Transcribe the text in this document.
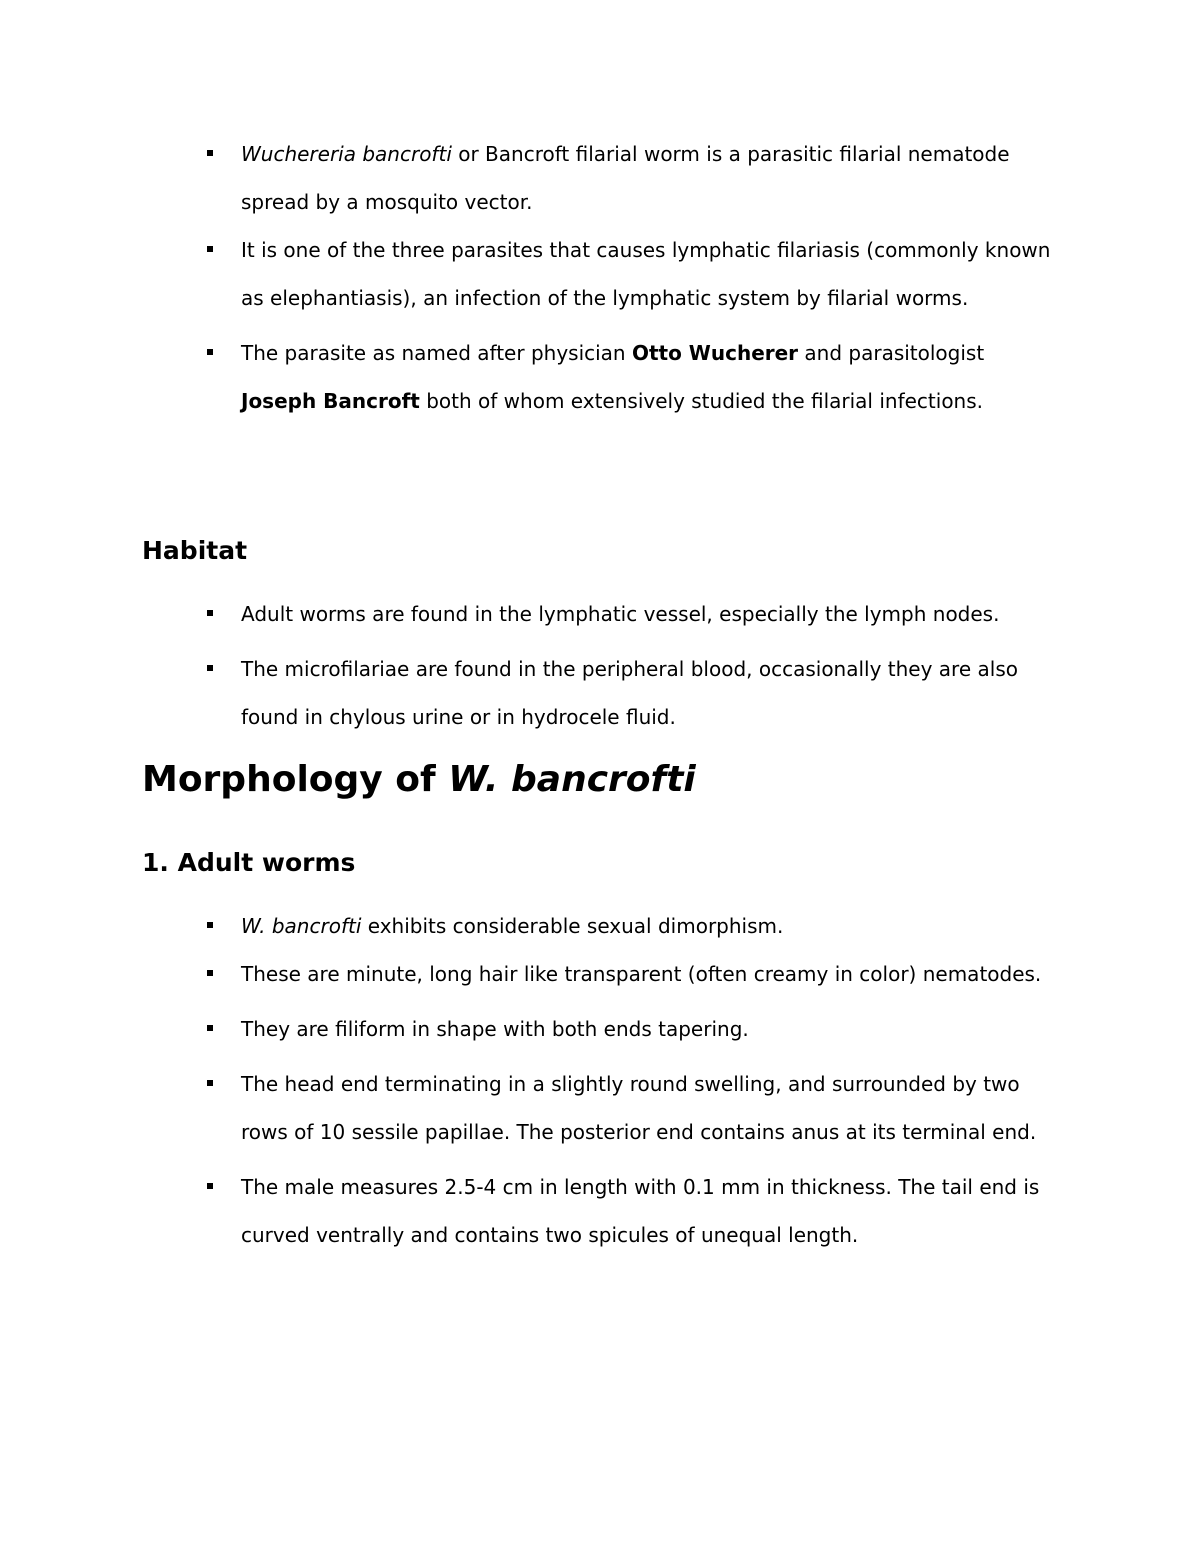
Wuchereria bancrofti or Bancroft filarial worm is a parasitic filarial nematode spread by a mosquito vector.
It is one of the three parasites that causes lymphatic filariasis (commonly known as elephantiasis), an infection of the lymphatic system by filarial worms.
The parasite as named after physician Otto Wucherer and parasitologist Joseph Bancroft both of whom extensively studied the filarial infections.
Habitat
Adult worms are found in the lymphatic vessel, especially the lymph nodes.
The microfilariae are found in the peripheral blood, occasionally they are also found in chylous urine or in hydrocele fluid.
Morphology of W. bancrofti
1. Adult worms
W. bancrofti exhibits considerable sexual dimorphism.
These are minute, long hair like transparent (often creamy in color) nematodes.
They are filiform in shape with both ends tapering.
The head end terminating in a slightly round swelling, and surrounded by two rows of 10 sessile papillae. The posterior end contains anus at its terminal end.
The male measures 2.5-4 cm in length with 0.1 mm in thickness. The tail end is curved ventrally and contains two spicules of unequal length.
